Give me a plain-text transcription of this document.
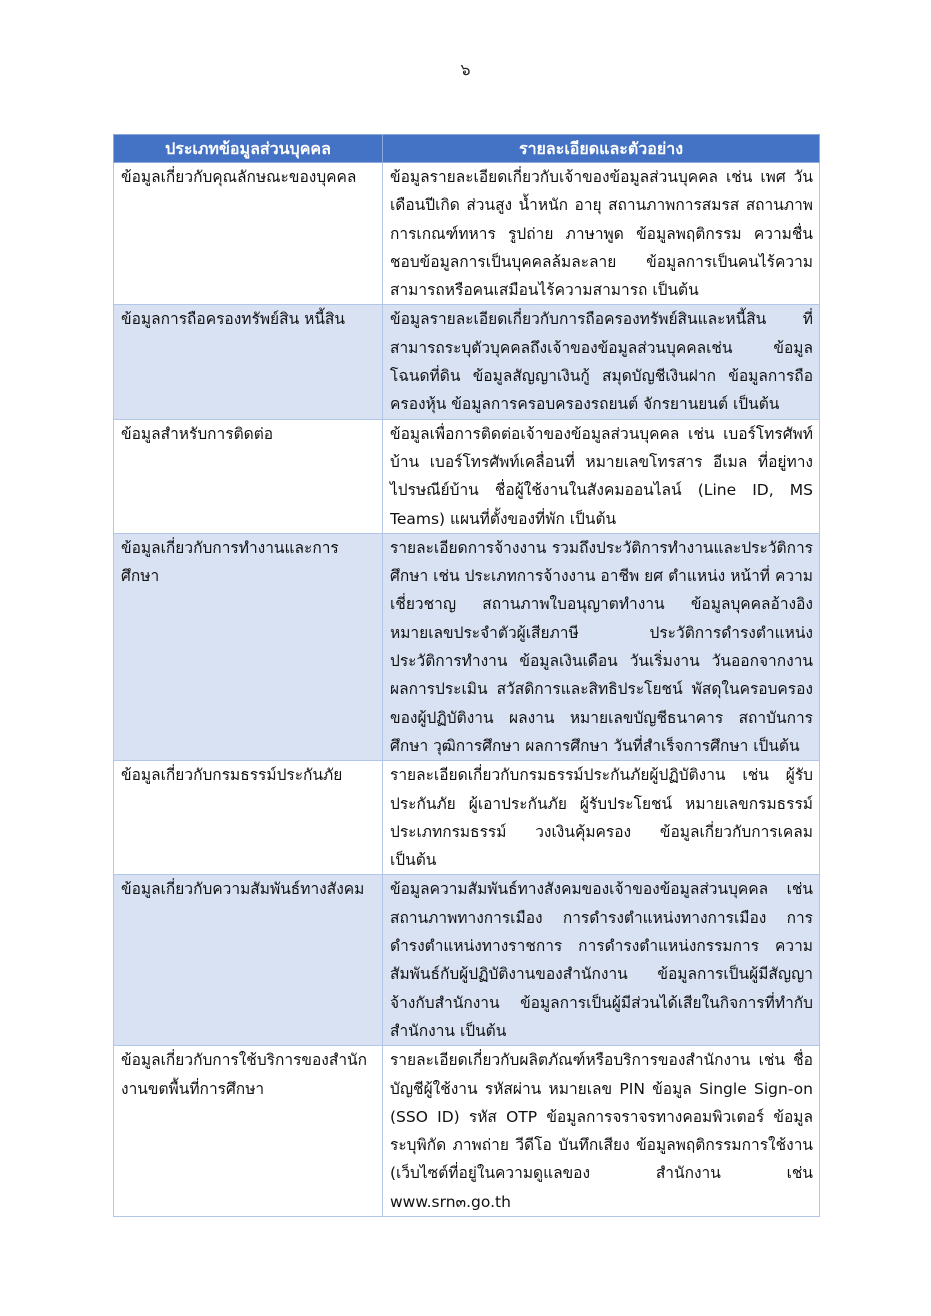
๖
ประเภทข้อมูลส่วนบุคคล	รายละเอียดและตัวอย่าง
ข้อมูลเกี่ยวกับคุณลักษณะของบุคคล	ข้อมูลรายละเอียดเกี่ยวกับเจ้าของข้อมูลส่วนบุคคล เช่น เพศ วันเดือนปีเกิด ส่วนสูง น้ำหนัก อายุ สถานภาพการสมรส สถานภาพการเกณฑ์ทหาร รูปถ่าย ภาษาพูด ข้อมูลพฤติกรรม ความชื่นชอบข้อมูลการเป็นบุคคลล้มละลาย ข้อมูลการเป็นคนไร้ความสามารถหรือคนเสมือนไร้ความสามารถ เป็นต้น
ข้อมูลการถือครองทรัพย์สิน หนี้สิน	ข้อมูลรายละเอียดเกี่ยวกับการถือครองทรัพย์สินและหนี้สิน ที่สามารถระบุตัวบุคคลถึงเจ้าของข้อมูลส่วนบุคคลเช่น ข้อมูลโฉนดที่ดิน ข้อมูลสัญญาเงินกู้ สมุดบัญชีเงินฝาก ข้อมูลการถือครองหุ้น ข้อมูลการครอบครองรถยนต์ จักรยานยนต์ เป็นต้น
ข้อมูลสำหรับการติดต่อ	ข้อมูลเพื่อการติดต่อเจ้าของข้อมูลส่วนบุคคล เช่น เบอร์โทรศัพท์บ้าน เบอร์โทรศัพท์เคลื่อนที่ หมายเลขโทรสาร อีเมล ที่อยู่ทางไปรษณีย์บ้าน ชื่อผู้ใช้งานในสังคมออนไลน์ (Line ID, MS Teams) แผนที่ตั้งของที่พัก เป็นต้น
ข้อมูลเกี่ยวกับการทำงานและการศึกษา	รายละเอียดการจ้างงาน รวมถึงประวัติการทำงานและประวัติการศึกษา เช่น ประเภทการจ้างงาน อาชีพ ยศ ตำแหน่ง หน้าที่ ความเชี่ยวชาญ สถานภาพใบอนุญาตทำงาน ข้อมูลบุคคลอ้างอิง หมายเลขประจำตัวผู้เสียภาษี ประวัติการดำรงตำแหน่ง ประวัติการทำงาน ข้อมูลเงินเดือน วันเริ่มงาน วันออกจากงาน ผลการประเมิน สวัสดิการและสิทธิประโยชน์ พัสดุในครอบครองของผู้ปฏิบัติงาน ผลงาน หมายเลขบัญชีธนาคาร สถาบันการศึกษา วุฒิการศึกษา ผลการศึกษา วันที่สำเร็จการศึกษา เป็นต้น
ข้อมูลเกี่ยวกับกรมธรรม์ประกันภัย	รายละเอียดเกี่ยวกับกรมธรรม์ประกันภัยผู้ปฏิบัติงาน เช่น ผู้รับประกันภัย ผู้เอาประกันภัย ผู้รับประโยชน์ หมายเลขกรมธรรม์ ประเภทกรมธรรม์ วงเงินคุ้มครอง ข้อมูลเกี่ยวกับการเคลม เป็นต้น
ข้อมูลเกี่ยวกับความสัมพันธ์ทางสังคม	ข้อมูลความสัมพันธ์ทางสังคมของเจ้าของข้อมูลส่วนบุคคล เช่น สถานภาพทางการเมือง การดำรงตำแหน่งทางการเมือง การดำรงตำแหน่งทางราชการ การดำรงตำแหน่งกรรมการ ความสัมพันธ์กับผู้ปฏิบัติงานของสำนักงาน ข้อมูลการเป็นผู้มีสัญญาจ้างกับสำนักงาน ข้อมูลการเป็นผู้มีส่วนได้เสียในกิจการที่ทำกับสำนักงาน เป็นต้น
ข้อมูลเกี่ยวกับการใช้บริการของสำนักงานขตพื้นที่การศึกษา	รายละเอียดเกี่ยวกับผลิตภัณฑ์หรือบริการของสำนักงาน เช่น ชื่อบัญชีผู้ใช้งาน รหัสผ่าน หมายเลข PIN ข้อมูล Single Sign-on (SSO ID) รหัส OTP ข้อมูลการจราจรทางคอมพิวเตอร์ ข้อมูลระบุพิกัด ภาพถ่าย วีดีโอ บันทึกเสียง ข้อมูลพฤติกรรมการใช้งาน (เว็บไซต์ที่อยู่ในความดูแลของ สำนักงาน เช่น www.srn๓.go.th
